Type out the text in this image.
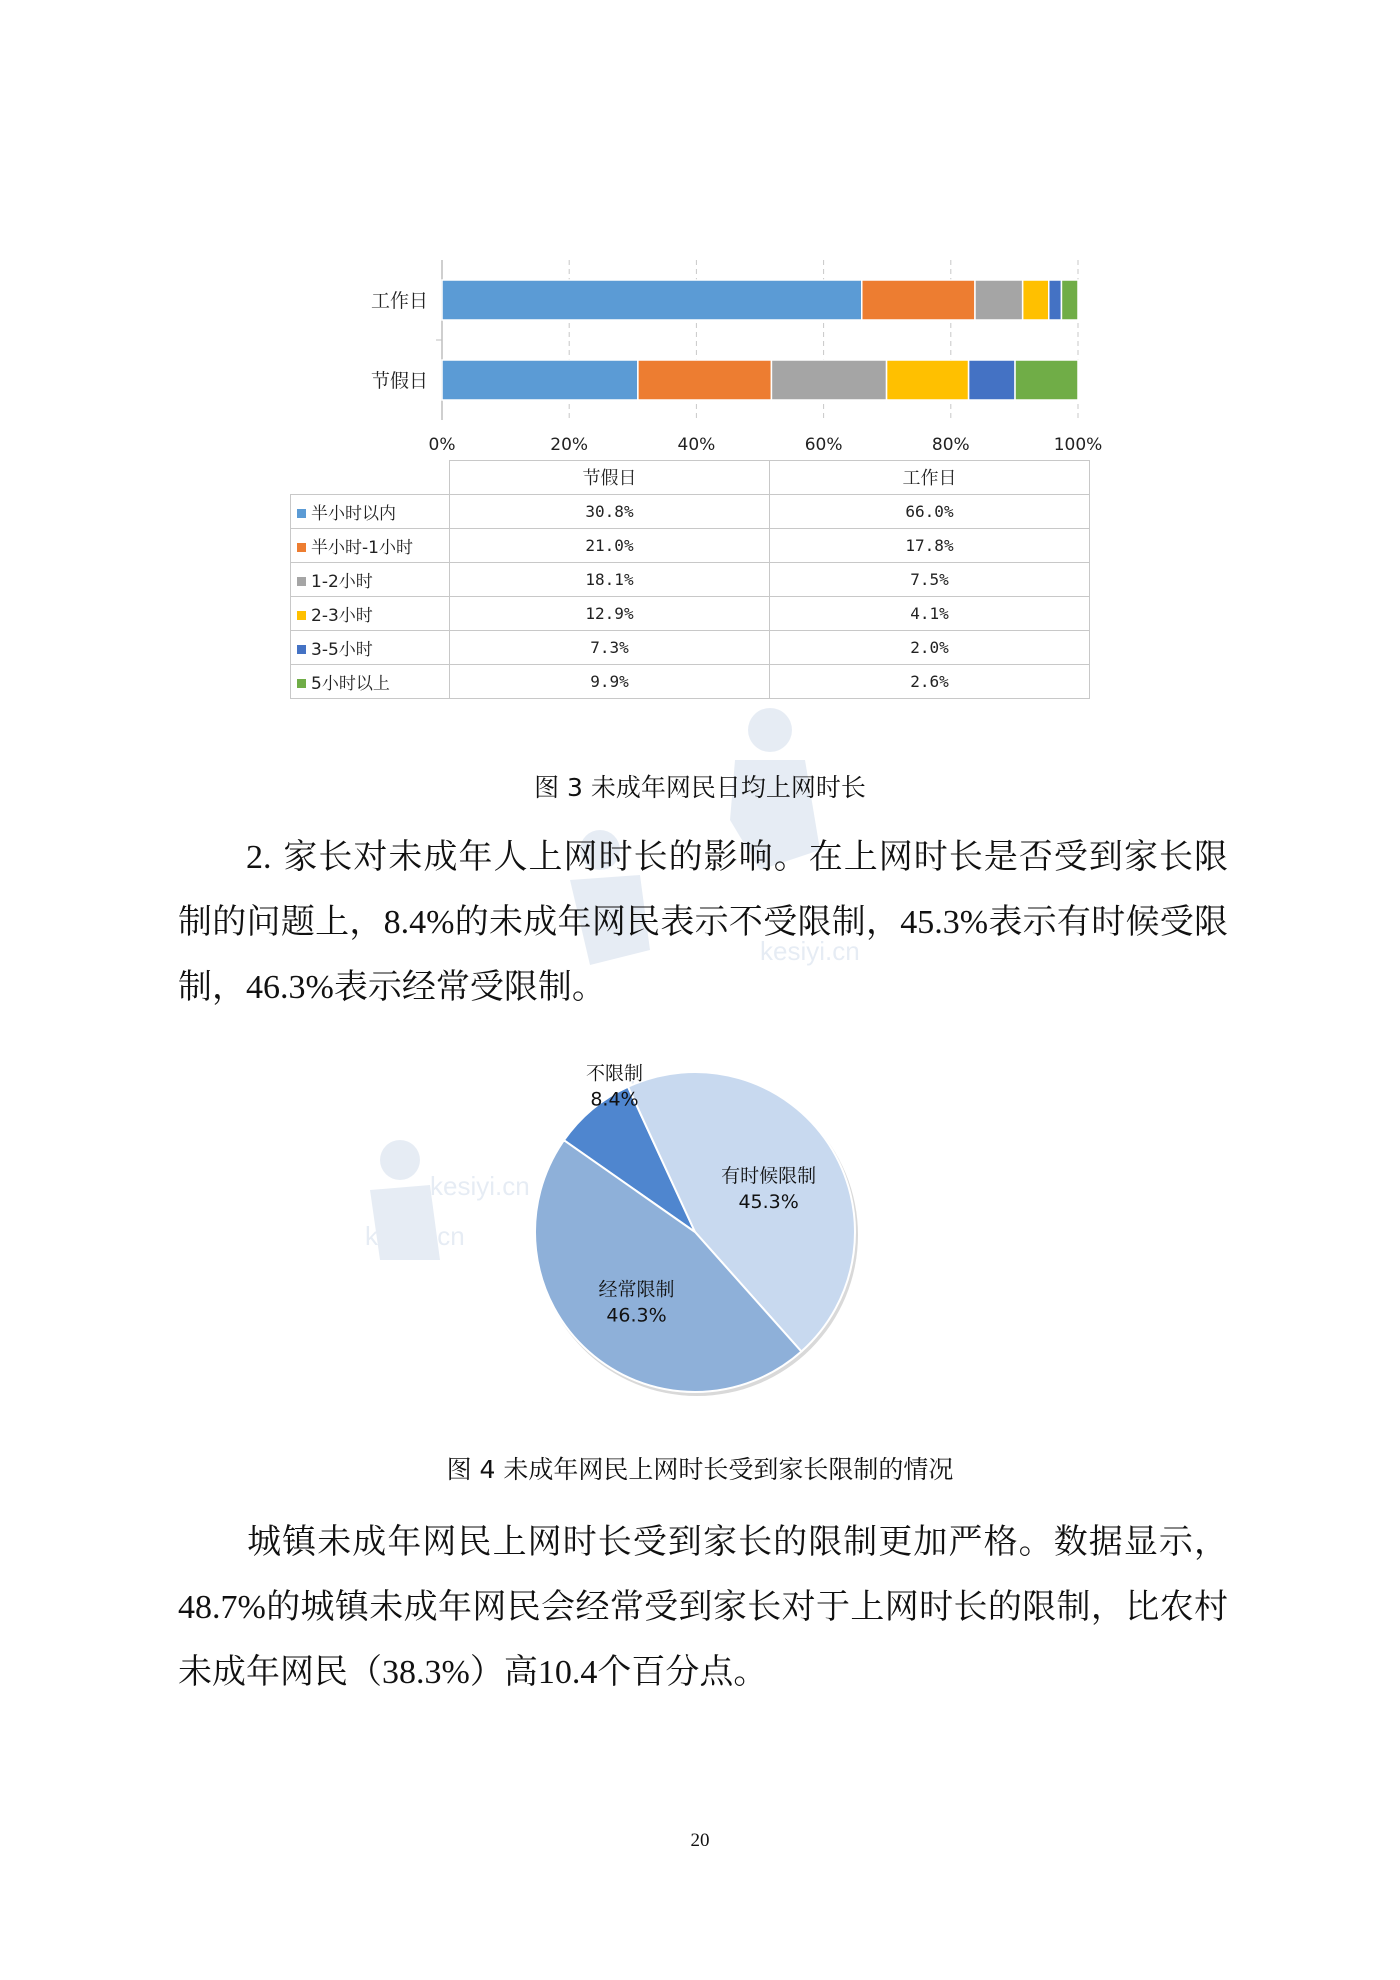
kesiyi.cn
kesiyi.cn
kesiyi.cn
工作日
节假日
0%	20%	40%	60%	80%	100%
	节假日	工作日
半小时以内	30.8%	66.0%
半小时-1小时	21.0%	17.8%
1-2小时	18.1%	7.5%
2-3小时	12.9%	4.1%
3-5小时	7.3%	2.0%
5小时以上	9.9%	2.6%
图 3 未成年网民日均上网时长

2. 家长对未成年人上网时长的影响。在上网时长是否受到家长限制的问题上，8.4%的未成年网民表示不受限制，45.3%表示有时候受限制，46.3%表示经常受限制。

不限制
8.4%
有时候限制
45.3%
经常限制
46.3%
图 4 未成年网民上网时长受到家长限制的情况

城镇未成年网民上网时长受到家长的限制更加严格。数据显示，48.7%的城镇未成年网民会经常受到家长对于上网时长的限制，比农村未成年网民（38.3%）高10.4个百分点。

20
